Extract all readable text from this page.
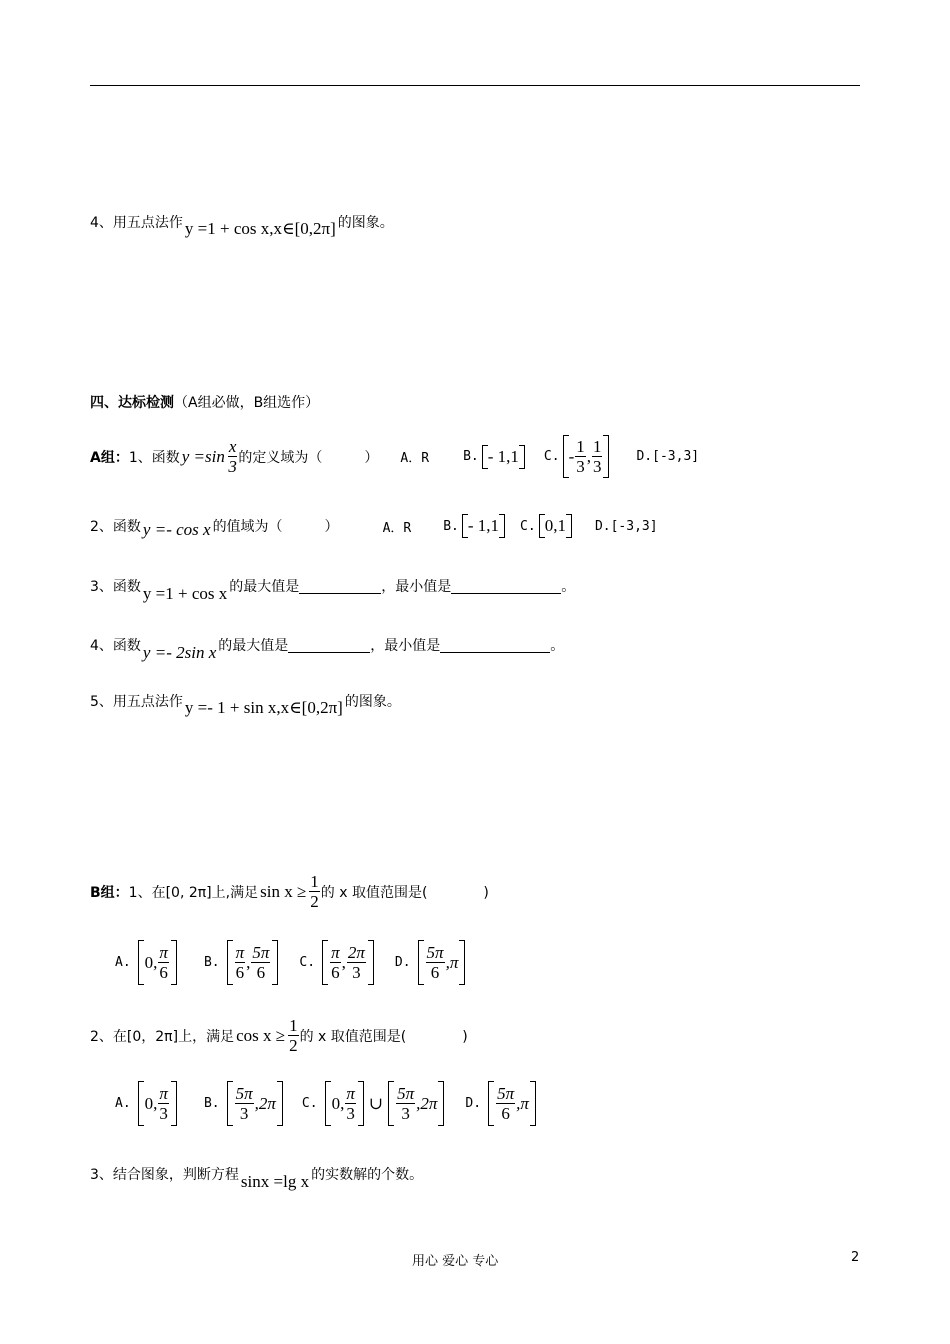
4、用五点法作 y =1 + cos x,x∈[0,2π] 的图象。
四、达标检测 （A组必做，B组选作）
A组： 1、函数 $y =\sin \frac{x}{3}$ 的定义域为（　　　） A．R	B. - 1,1 C. - $\frac{1}{3}$ , $\frac{1}{3}$	D.[-3,3]
2、函数 y =- cos x 的值域为（　　　）	A．R B. - 1,1 C. 0,1 D.[-3,3]
3、函数 y =1 + cos x 的最大值是	，最小值是	。
4、函数 y =- 2sin x 的最大值是	，最小值是	。
5、用五点法作 y =- 1 + sin x,x∈[0,2π] 的图象。
B组： 1、在[0, 2π]上,满足 $\sin x \ge \frac{1}{2}$ 的 x 取值范围是(　　　　)
A. 0, $\frac{\pi}{6}$	B. $\frac{\pi}{6}$ , $\frac{5\pi}{6} C$. $\frac{\pi}{6}$ , $\frac{2\pi}{3} D$. $\frac{5\pi}{6} ,\pi$
2、在[0，2π]上，满足 $\cos x \ge \frac{1}{2}$ 的 x 取值范围是(　　　　)
A. 0, $\frac{\pi}{3}$	B. $\frac{5\pi}{3} ,2\pi$ C. 0, $\frac{\pi}{3}$ ∪ $\frac{5\pi}{3} ,2\pi$ D. $\frac{5\pi}{6} ,\pi$
3、结合图象，判断方程 sinx =lg x 的实数解的个数。
用心 爱心 专心	2
